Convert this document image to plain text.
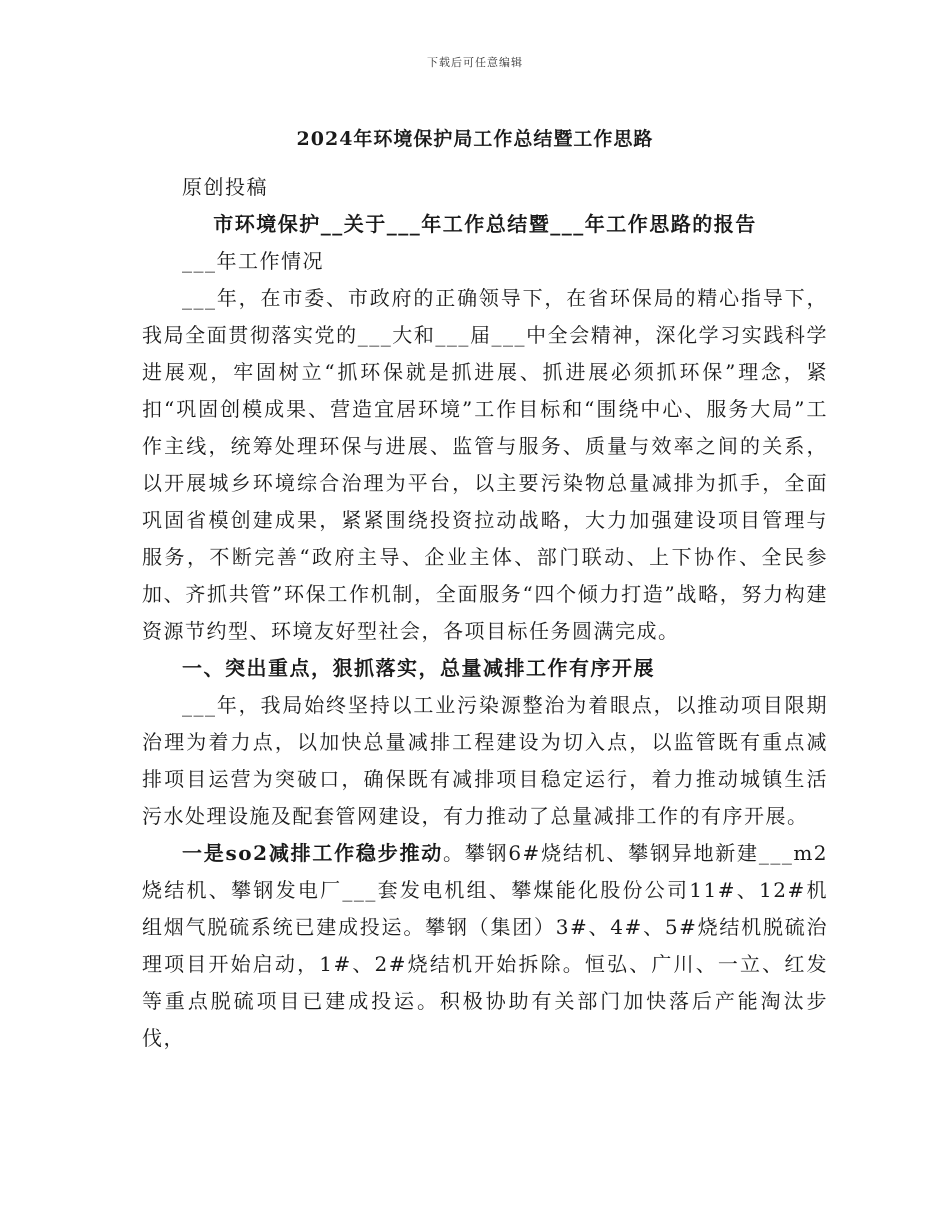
下载后可任意编辑
2024年环境保护局工作总结暨工作思路

原创投稿

市环境保护__关于___年工作总结暨___年工作思路的报告

___年工作情况

___年，在市委、市政府的正确领导下，在省环保局的精心指导下，我局全面贯彻落实党的___大和___届___中全会精神，深化学习实践科学进展观，牢固树立“抓环保就是抓进展、抓进展必须抓环保”理念，紧扣“巩固创模成果、营造宜居环境”工作目标和“围绕中心、服务大局”工作主线，统筹处理环保与进展、监管与服务、质量与效率之间的关系，以开展城乡环境综合治理为平台，以主要污染物总量减排为抓手，全面巩固省模创建成果，紧紧围绕投资拉动战略，大力加强建设项目管理与服务，不断完善“政府主导、企业主体、部门联动、上下协作、全民参加、齐抓共管”环保工作机制，全面服务“四个倾力打造”战略，努力构建资源节约型、环境友好型社会，各项目标任务圆满完成。

一、突出重点，狠抓落实，总量减排工作有序开展

___年，我局始终坚持以工业污染源整治为着眼点，以推动项目限期治理为着力点，以加快总量减排工程建设为切入点，以监管既有重点减排项目运营为突破口，确保既有减排项目稳定运行，着力推动城镇生活污水处理设施及配套管网建设，有力推动了总量减排工作的有序开展。

一是so2减排工作稳步推动。攀钢6#烧结机、攀钢异地新建___m2烧结机、攀钢发电厂___套发电机组、攀煤能化股份公司11#、12#机组烟气脱硫系统已建成投运。攀钢（集团）3#、4#、5#烧结机脱硫治理项目开始启动，1#、2#烧结机开始拆除。恒弘、广川、一立、红发等重点脱硫项目已建成投运。积极协助有关部门加快落后产能淘汰步伐，
